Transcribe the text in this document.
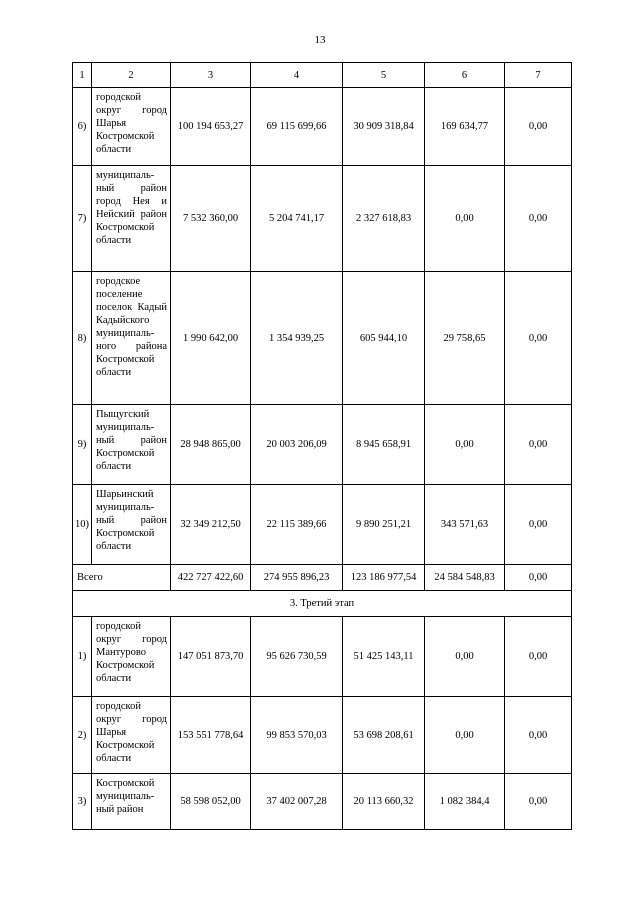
13
1	2	3	4	5	6	7
6)	городской округ город Шарья Костромской области	100 194 653,27	69 115 699,66	30 909 318,84	169 634,77	0,00
7)	муниципаль-ный район город Нея и Нейский район Костромской области	7 532 360,00	5 204 741,17	2 327 618,83	0,00	0,00
8)	городское поселение поселок Кадый Кадыйского муниципаль-ного района Костромской области	1 990 642,00	1 354 939,25	605 944,10	29 758,65	0,00
9)	Пыщугский муниципаль-ный район Костромской области	28 948 865,00	20 003 206,09	8 945 658,91	0,00	0,00
10)	Шарьинский муниципаль-ный район Костромской области	32 349 212,50	22 115 389,66	9 890 251,21	343 571,63	0,00
Всего		422 727 422,60	274 955 896,23	123 186 977,54	24 584 548,83	0,00
3. Третий этап						
1)	городской округ город Мантурово Костромской области	147 051 873,70	95 626 730,59	51 425 143,11	0,00	0,00
2)	городской округ город Шарья Костромской области	153 551 778,64	99 853 570,03	53 698 208,61	0,00	0,00
3)	Костромской муниципаль-ный район	58 598 052,00	37 402 007,28	20 113 660,32	1 082 384,4	0,00
